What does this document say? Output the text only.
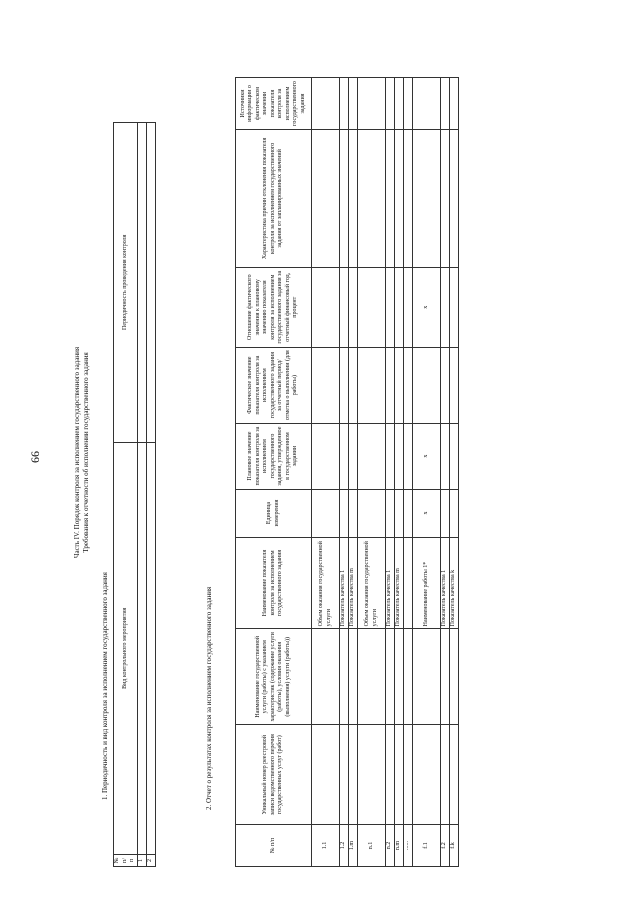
66	Часть IV. Порядок контроля за исполнением государственного задания Требования к отчетности об исполнении государственного задания
1. Периодичность и вид контроля за исполнением государственного задания
№ п/п	Вид контрольного мероприятия	Периодичность проведения контроля
1		
2		
2. Отчет о результатах контроля за исполнением государственного задания
№ п/п	Уникальный номер реестровой записи ведомственного перечня государственных услуг (работ)	Наименование государственной услуги (работы) с указанием характеристик (содержание услуги (работы), условия оказания (выполнения) услуги (работы))	Наименование показателя контроля за исполнением государственного задания	Единица измерения	Плановое значение показателя контроля за исполнением государственного задания, утвержденное в государственном задании	Фактическое значение показателя контроля за исполнением государственного задания за отчетный период/отметка о выполнении (для работы)	Отношение фактического значения к плановому значению показателя контроля за исполнением государственного задания за отчетный финансовый год, процент	Характеристика причин отклонения показателя контроля за исполнением государственного задания от запланированных значений	Источники информации о фактическом значении показателя контроля за исполнением государственного задания
1.1			Объем оказания государственной услуги						
1.2			Показатель качества 1						
1.m			Показатель качества m						
n.1			Объем оказания государственной услуги						
n.2			Показатель качества 1						
n.m			Показатель качества m						
......									
f.1			Наименование работы 1*	x	x		x		
f.2			Показатель качества 1						
f.k			Показатель качества k						
